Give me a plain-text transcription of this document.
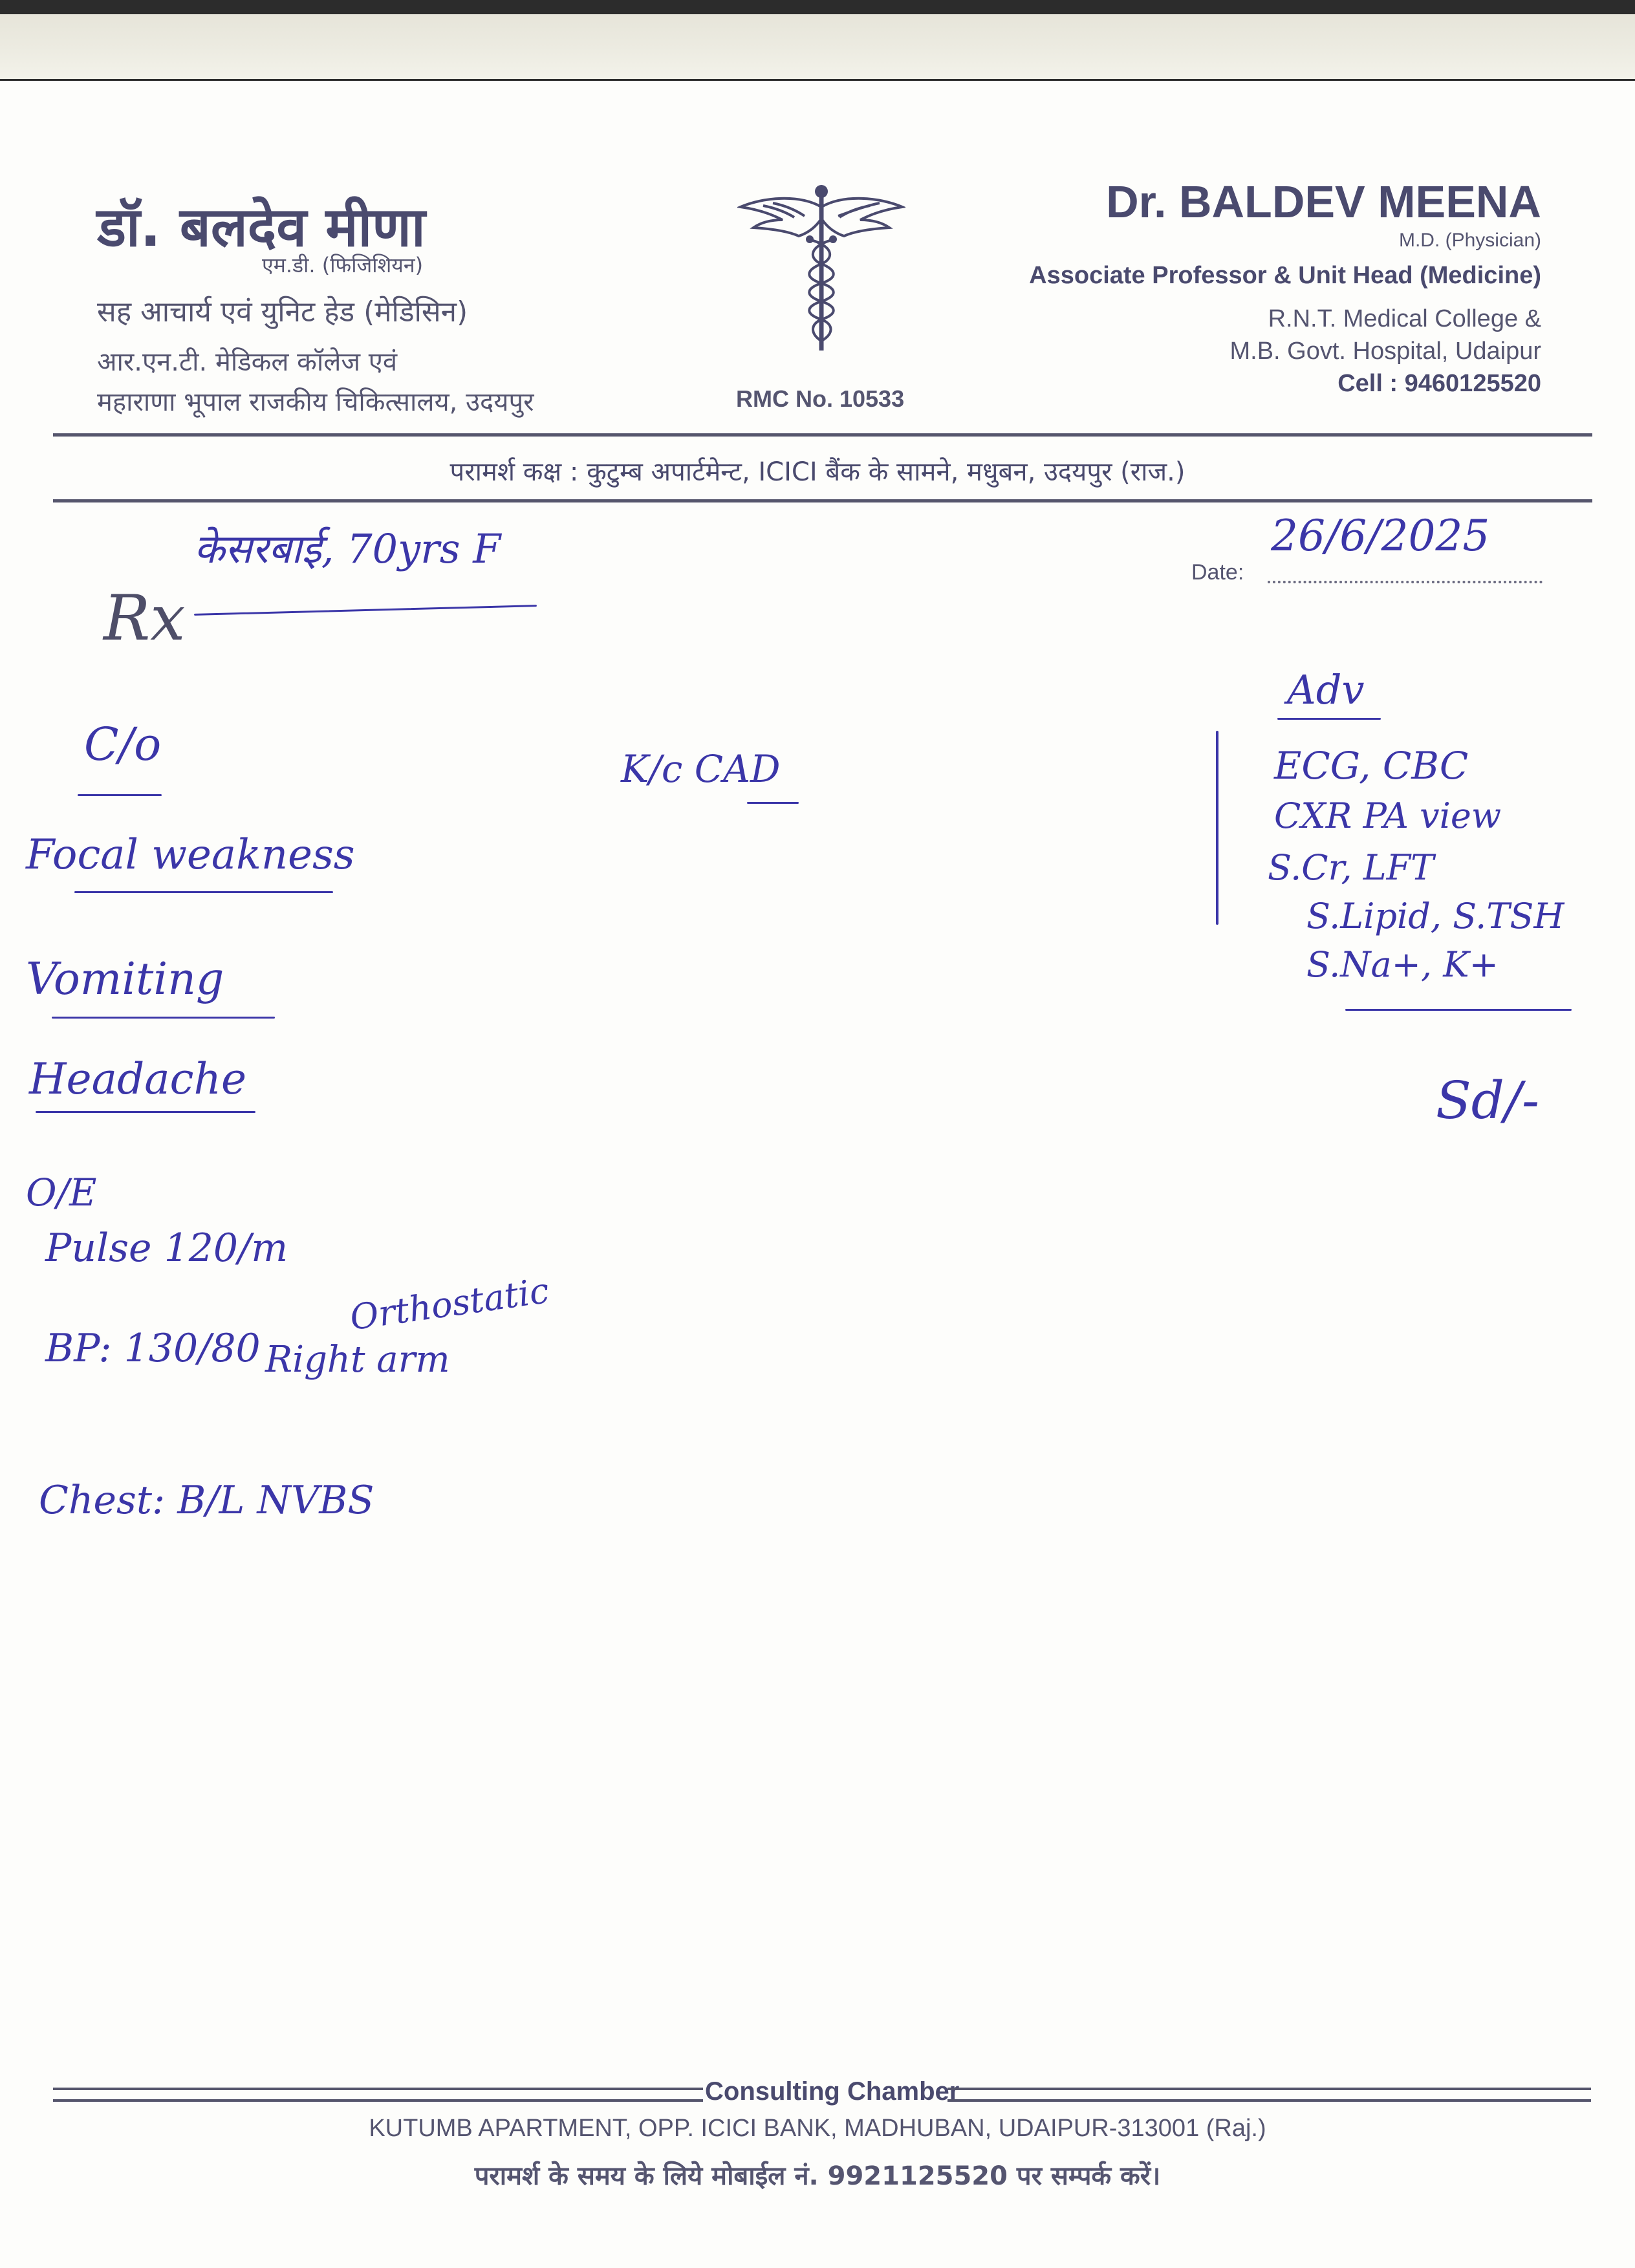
डॉ. बलदेव मीणा
एम.डी. (फिजिशियन)
सह आचार्य एवं युनिट हेड (मेडिसिन)
आर.एन.टी. मेडिकल कॉलेज एवं
महाराणा भूपाल राजकीय चिकित्सालय, उदयपुर	RMC No. 10533
Dr. BALDEV MEENA
M.D. (Physician)
Associate Professor & Unit Head (Medicine)
R.N.T. Medical College &
M.B. Govt. Hospital, Udaipur
Cell : 9460125520
परामर्श कक्ष : कुटुम्ब अपार्टमेन्ट, ICICI बैंक के सामने, मधुबन, उदयपुर (राज.)
Date:
26/6/2025
Rx
केसरबाई, 70yrs F
C/o
Focal weakness
Vomiting
Headache
K/c CAD
O/E
Pulse 120/m
Orthostatic
BP: 130/80 Right arm
Chest: B/L NVBS
Adv
ECG, CBC
CXR PA view
S.Cr, LFT
S.Lipid, S.TSH
S.Na+, K+
Sd/-
Consulting Chamber
KUTUMB APARTMENT, OPP. ICICI BANK, MADHUBAN, UDAIPUR-313001 (Raj.)
परामर्श के समय के लिये मोबाईल नं. 9921125520 पर सम्पर्क करें।
